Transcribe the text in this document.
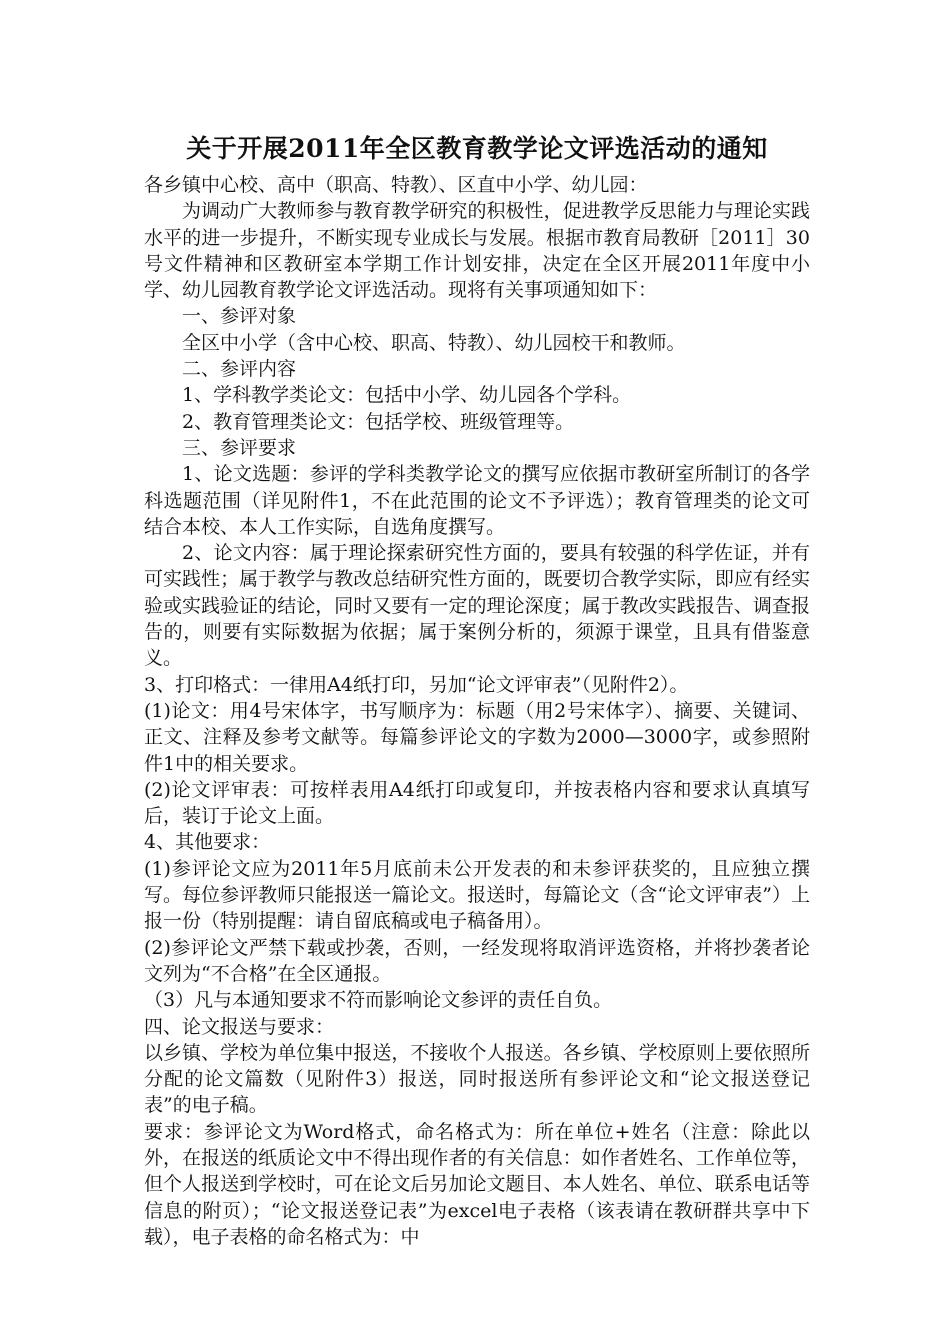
关于开展2011年全区教育教学论文评选活动的通知

各乡镇中心校、高中（职高、特教）、区直中小学、幼儿园：

为调动广大教师参与教育教学研究的积极性，促进教学反思能力与理论实践水平的进一步提升，不断实现专业成长与发展。根据市教育局教研［2011］30号文件精神和区教研室本学期工作计划安排，决定在全区开展2011年度中小学、幼儿园教育教学论文评选活动。现将有关事项通知如下：

一、参评对象

全区中小学（含中心校、职高、特教）、幼儿园校干和教师。

二、参评内容

1、学科教学类论文：包括中小学、幼儿园各个学科。

2、教育管理类论文：包括学校、班级管理等。

三、参评要求

1、论文选题：参评的学科类教学论文的撰写应依据市教研室所制订的各学科选题范围（详见附件1，不在此范围的论文不予评选）；教育管理类的论文可结合本校、本人工作实际，自选角度撰写。

2、论文内容：属于理论探索研究性方面的，要具有较强的科学佐证，并有可实践性；属于教学与教改总结研究性方面的，既要切合教学实际，即应有经实验或实践验证的结论，同时又要有一定的理论深度；属于教改实践报告、调查报告的，则要有实际数据为依据；属于案例分析的，须源于课堂，且具有借鉴意义。

3、打印格式：一律用A4纸打印，另加“论文评审表”（见附件2）。

(1)论文：用4号宋体字，书写顺序为：标题（用2号宋体字）、摘要、关键词、正文、注释及参考文献等。每篇参评论文的字数为2000—3000字，或参照附件1中的相关要求。

(2)论文评审表：可按样表用A4纸打印或复印，并按表格内容和要求认真填写后，装订于论文上面。

4、其他要求：

(1)参评论文应为2011年5月底前未公开发表的和未参评获奖的，且应独立撰写。每位参评教师只能报送一篇论文。报送时，每篇论文（含“论文评审表”）上报一份（特别提醒：请自留底稿或电子稿备用）。

(2)参评论文严禁下载或抄袭，否则，一经发现将取消评选资格，并将抄袭者论文列为“不合格”在全区通报。

（3）凡与本通知要求不符而影响论文参评的责任自负。

四、论文报送与要求：

以乡镇、学校为单位集中报送，不接收个人报送。各乡镇、学校原则上要依照所分配的论文篇数（见附件3）报送，同时报送所有参评论文和“论文报送登记表”的电子稿。

要求：参评论文为Word格式，命名格式为：所在单位+姓名（注意：除此以外，在报送的纸质论文中不得出现作者的有关信息：如作者姓名、工作单位等，但个人报送到学校时，可在论文后另加论文题目、本人姓名、单位、联系电话等信息的附页）；“论文报送登记表”为excel电子表格（该表请在教研群共享中下载），电子表格的命名格式为：中
